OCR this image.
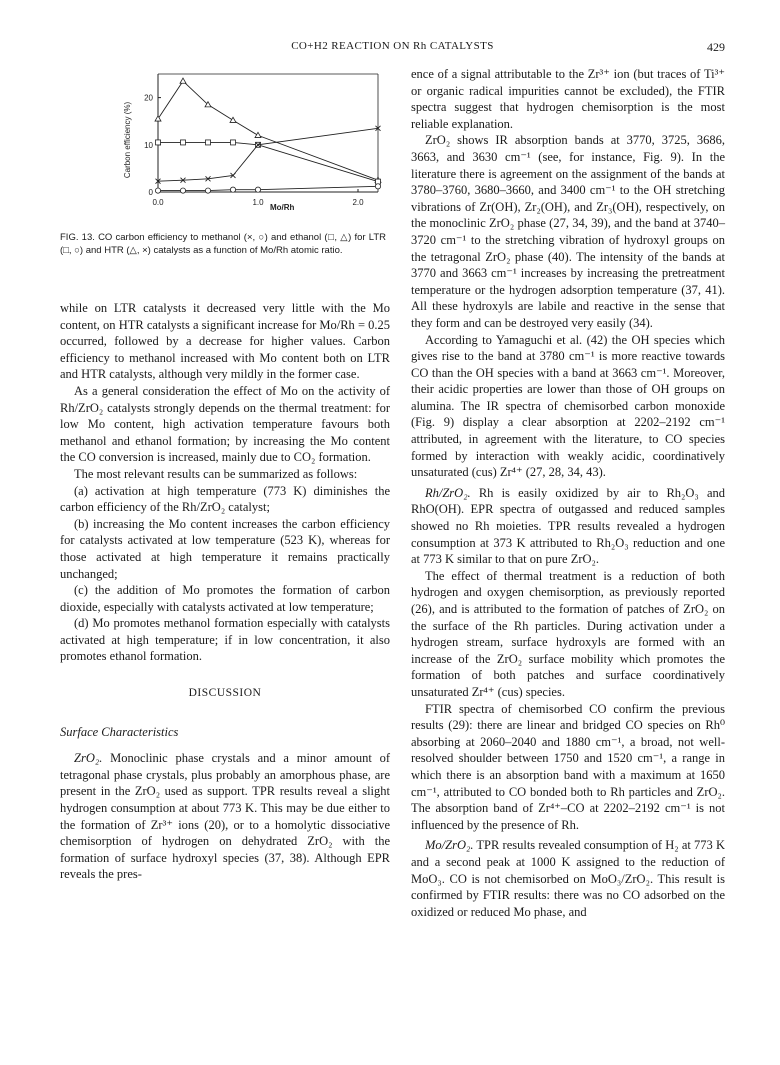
CO+H2 REACTION ON Rh CATALYSTS	429
0.0	1.0	2.0
0
10
20
Carbon efficiency (%)
Mo/Rh
FIG. 13. CO carbon efficiency to methanol (×, ○) and ethanol (□, △) for LTR (□, ○) and HTR (△, ×) catalysts as a function of Mo/Rh atomic ratio.

while on LTR catalysts it decreased very little with the Mo content, on HTR catalysts a significant increase for Mo/Rh = 0.25 occurred, followed by a decrease for higher values. Carbon efficiency to methanol increased with Mo content both on LTR and HTR catalysts, although very mildly in the former case.

As a general consideration the effect of Mo on the activity of Rh/ZrO₂ catalysts strongly depends on the thermal treatment: for low Mo content, high activation temperature favours both methanol and ethanol formation; by increasing the Mo content the CO conversion is increased, mainly due to CO₂ formation.

The most relevant results can be summarized as follows:

(a) activation at high temperature (773 K) diminishes the carbon efficiency of the Rh/ZrO₂ catalyst;

(b) increasing the Mo content increases the carbon efficiency for catalysts activated at low temperature (523 K), whereas for those activated at high temperature it remains practically unchanged;

(c) the addition of Mo promotes the formation of carbon dioxide, especially with catalysts activated at low temperature;

(d) Mo promotes methanol formation especially with catalysts activated at high temperature; if in low concentration, it also promotes ethanol formation.

DISCUSSION

Surface Characteristics

ZrO₂. Monoclinic phase crystals and a minor amount of tetragonal phase crystals, plus probably an amorphous phase, are present in the ZrO₂ used as support. TPR results reveal a slight hydrogen consumption at about 773 K. This may be due either to the formation of Zr³⁺ ions (20), or to a homolytic dissociative chemisorption of hydrogen on dehydrated ZrO₂ with the formation of surface hydroxyl species (37, 38). Although EPR reveals the pres-

ence of a signal attributable to the Zr³⁺ ion (but traces of Ti³⁺ or organic radical impurities cannot be excluded), the FTIR spectra suggest that hydrogen chemisorption is the most reliable explanation.

ZrO₂ shows IR absorption bands at 3770, 3725, 3686, 3663, and 3630 cm⁻¹ (see, for instance, Fig. 9). In the literature there is agreement on the assignment of the bands at 3780–3760, 3680–3660, and 3400 cm⁻¹ to the OH stretching vibrations of Zr(OH), Zr₂(OH), and Zr₃(OH), respectively, on the monoclinic ZrO₂ phase (27, 34, 39), and the band at 3740–3720 cm⁻¹ to the stretching vibration of hydroxyl groups on the tetragonal ZrO₂ phase (40). The intensity of the bands at 3770 and 3663 cm⁻¹ increases by increasing the pretreatment temperature or the hydrogen adsorption temperature (37, 41). All these hydroxyls are labile and reactive in the sense that they form and can be destroyed very easily (34).

According to Yamaguchi et al. (42) the OH species which gives rise to the band at 3780 cm⁻¹ is more reactive towards CO than the OH species with a band at 3663 cm⁻¹. Moreover, their acidic properties are lower than those of OH groups on alumina. The IR spectra of chemisorbed carbon monoxide (Fig. 9) display a clear absorption at 2202–2192 cm⁻¹ attributed, in agreement with the literature, to CO species formed by interaction with weakly acidic, coordinatively unsaturated (cus) Zr⁴⁺ (27, 28, 34, 43).

Rh/ZrO₂. Rh is easily oxidized by air to Rh₂O₃ and RhO(OH). EPR spectra of outgassed and reduced samples showed no Rh moieties. TPR results revealed a hydrogen consumption at 373 K attributed to Rh₂O₃ reduction and one at 773 K similar to that on pure ZrO₂.

The effect of thermal treatment is a reduction of both hydrogen and oxygen chemisorption, as previously reported (26), and is attributed to the formation of patches of ZrO₂ on the surface of the Rh particles. During activation under a hydrogen stream, surface hydroxyls are formed with an increase of the ZrO₂ surface mobility which promotes the formation of both patches and surface coordinatively unsaturated Zr⁴⁺ (cus) species.

FTIR spectra of chemisorbed CO confirm the previous results (29): there are linear and bridged CO species on Rh⁰ absorbing at 2060–2040 and 1880 cm⁻¹, a broad, not well-resolved shoulder between 1750 and 1520 cm⁻¹, a range in which there is an absorption band with a maximum at 1650 cm⁻¹, attributed to CO bonded both to Rh particles and ZrO₂. The absorption band of Zr⁴⁺–CO at 2202–2192 cm⁻¹ is not influenced by the presence of Rh.

Mo/ZrO₂. TPR results revealed consumption of H₂ at 773 K and a second peak at 1000 K assigned to the reduction of MoO₃. CO is not chemisorbed on MoO₃/ZrO₂. This result is confirmed by FTIR results: there was no CO adsorbed on the oxidized or reduced Mo phase, and
